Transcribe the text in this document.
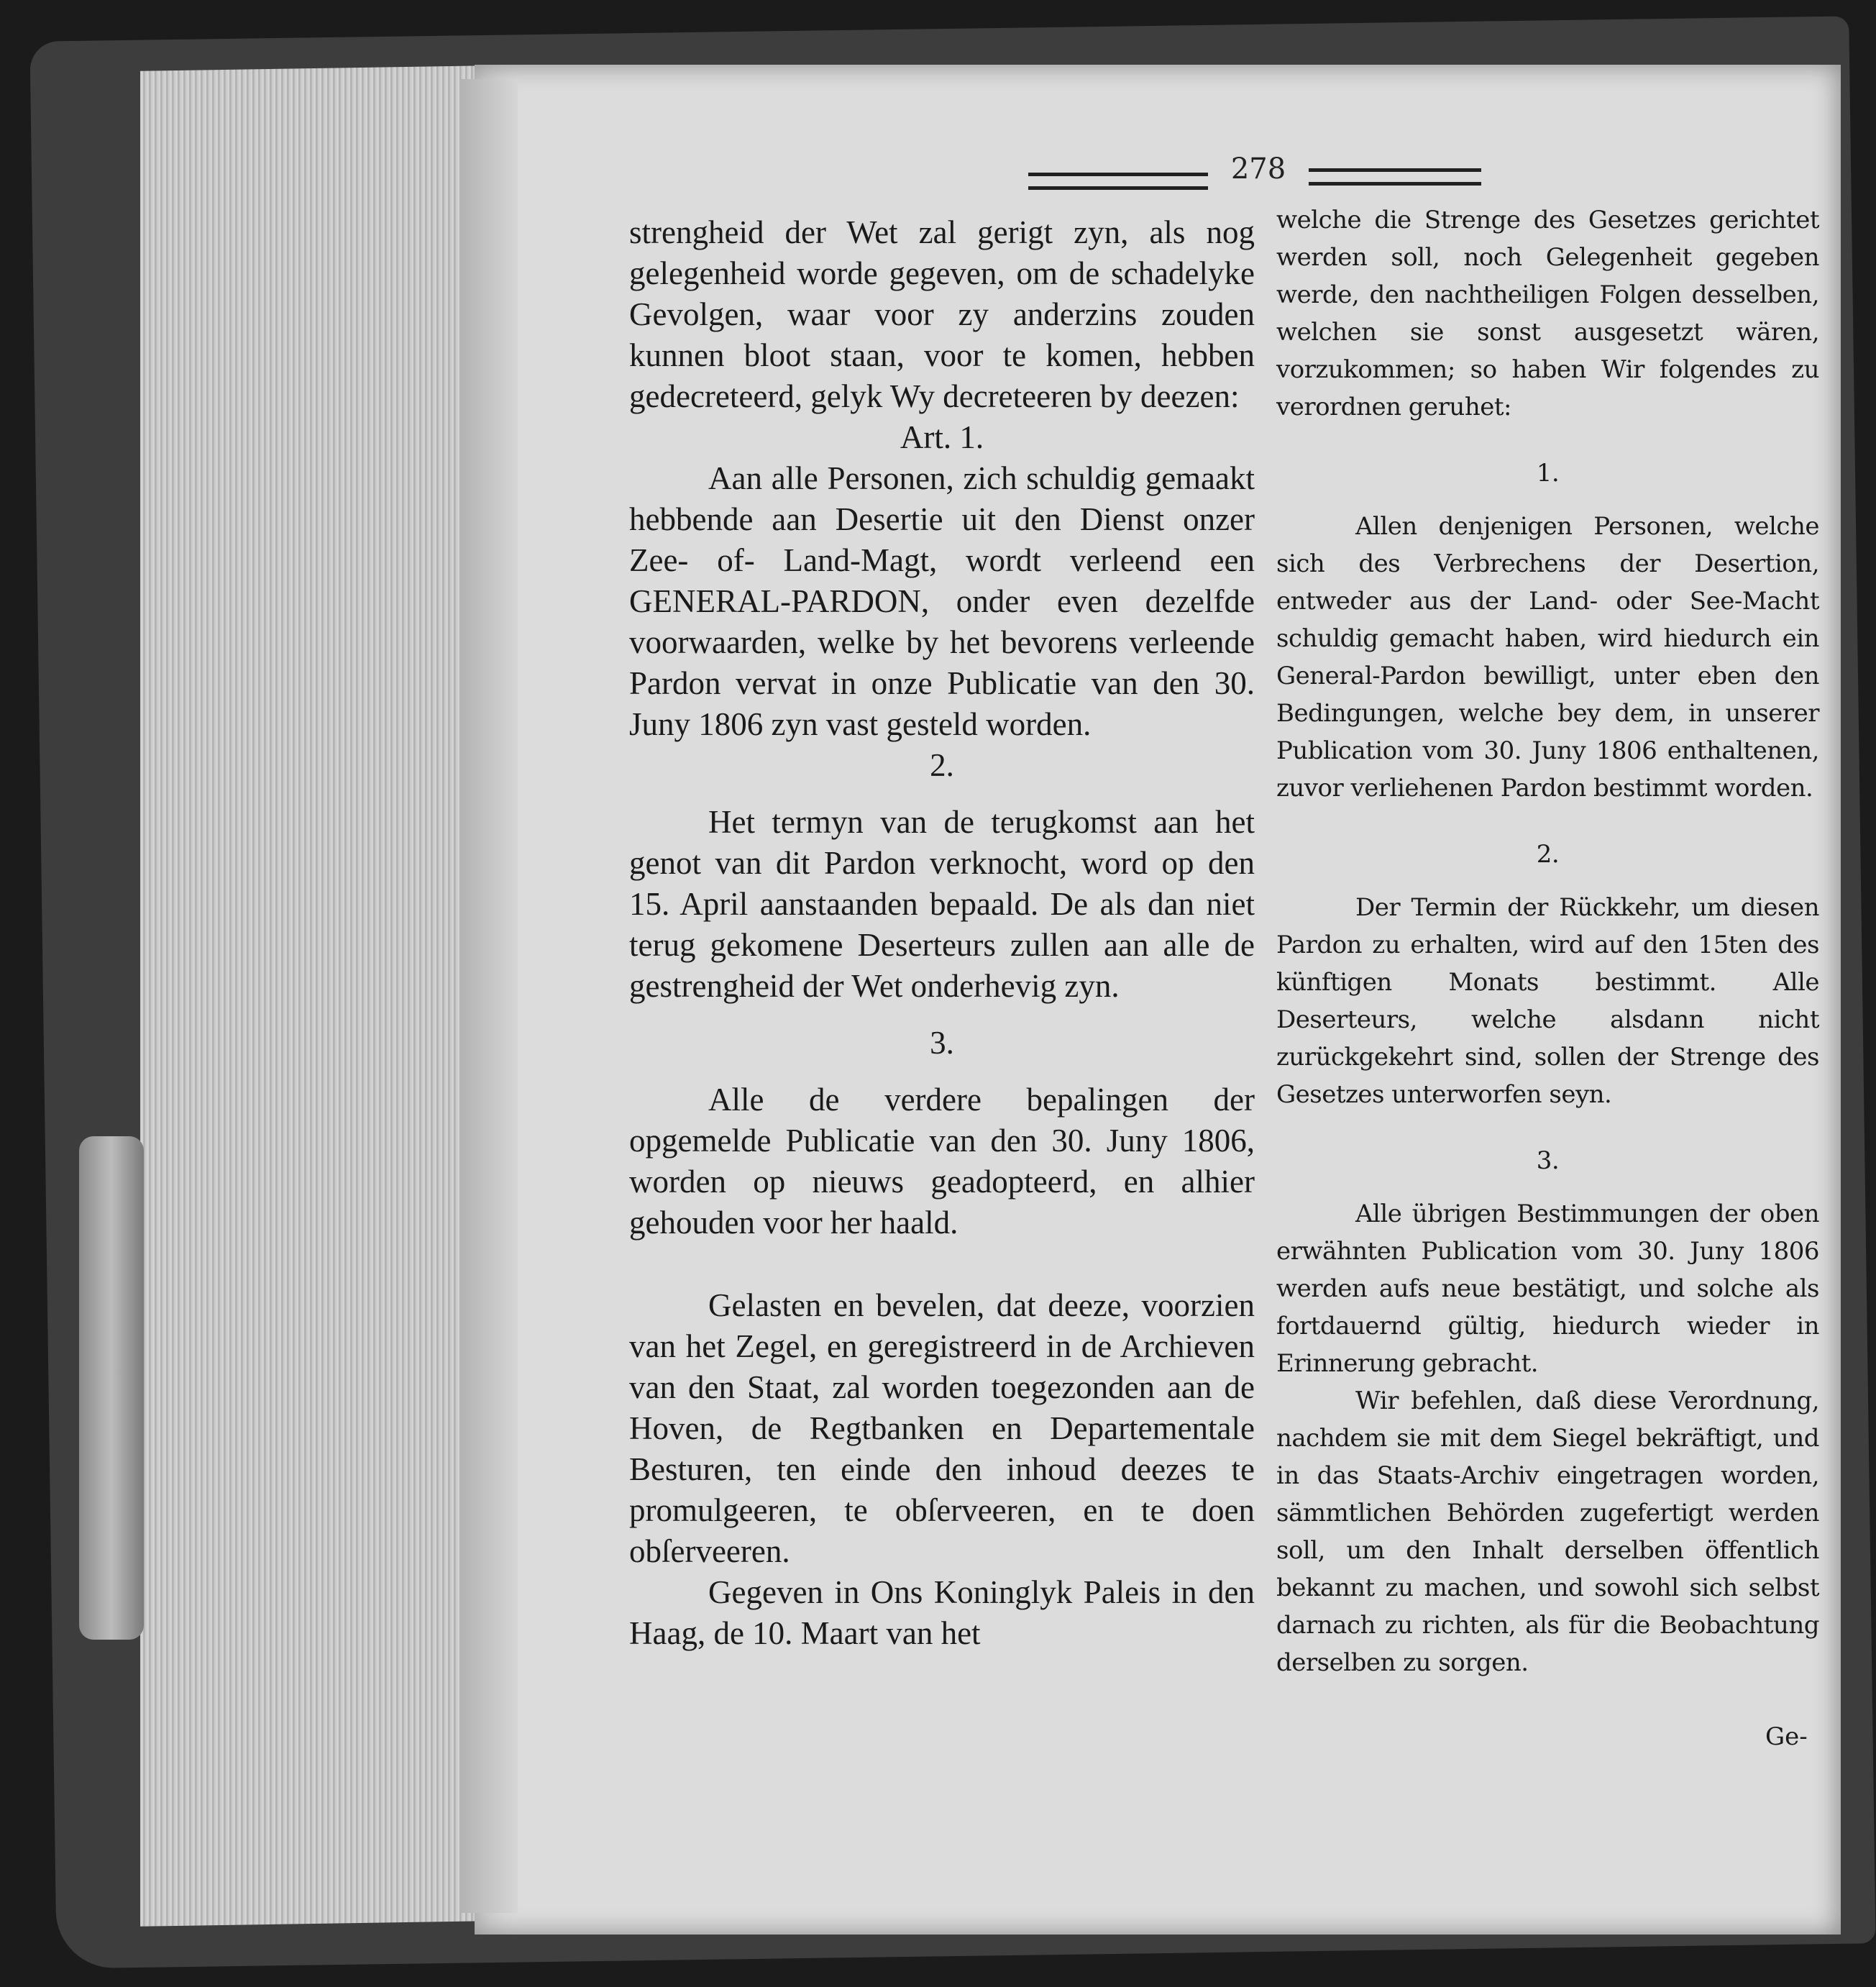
278

strengheid der Wet zal gerigt zyn, als nog gelegenheid worde gegeven, om de schadelyke Gevolgen, waar voor zy anderzins zouden kunnen bloot staan, voor te komen, hebben gedecreteerd, gelyk Wy decreteeren by deezen:

Art. 1.

Aan alle Personen, zich schuldig gemaakt hebbende aan Desertie uit den Dienst onzer Zee- of- Land-Magt, wordt verleend een GENERAL-PARDON, onder even dezelfde voorwaarden, welke by het bevorens verleende Pardon vervat in onze Publicatie van den 30. Juny 1806 zyn vast gesteld worden.

2.

Het termyn van de terugkomst aan het genot van dit Pardon verknocht, word op den 15. April aanstaanden bepaald. De als dan niet terug gekomene Deserteurs zullen aan alle de gestrengheid der Wet onderhevig zyn.

3.

Alle de verdere bepalingen der opgemelde Publicatie van den 30. Juny 1806, worden op nieuws geadopteerd, en alhier gehouden voor her haald.

Gelasten en bevelen, dat deeze, voorzien van het Zegel, en geregistreerd in de Archieven van den Staat, zal worden toegezonden aan de Hoven, de Regtbanken en Departementale Besturen, ten einde den inhoud deezes te promulgeeren, te obſerveeren, en te doen obſerveeren.

Gegeven in Ons Koninglyk Paleis in den Haag, de 10. Maart van het

welche die Strenge des Gesetzes gerichtet werden soll, noch Gelegenheit gegeben werde, den nachtheiligen Folgen desselben, welchen sie sonst ausgesetzt wären, vorzukommen; so haben Wir folgendes zu verordnen geruhet:

1.

Allen denjenigen Personen, welche sich des Verbrechens der Desertion, entweder aus der Land- oder See-Macht schuldig gemacht haben, wird hiedurch ein General-Pardon bewilligt, unter eben den Bedingungen, welche bey dem, in unserer Publication vom 30. Juny 1806 enthaltenen, zuvor verliehenen Pardon bestimmt worden.

2.

Der Termin der Rückkehr, um diesen Pardon zu erhalten, wird auf den 15ten des künftigen Monats bestimmt. Alle Deserteurs, welche alsdann nicht zurückgekehrt sind, sollen der Strenge des Gesetzes unterworfen seyn.

3.

Alle übrigen Bestimmungen der oben erwähnten Publication vom 30. Juny 1806 werden aufs neue bestätigt, und solche als fortdauernd gültig, hiedurch wieder in Erinnerung gebracht.

Wir befehlen, daß diese Verordnung, nachdem sie mit dem Siegel bekräftigt, und in das Staats-Archiv eingetragen worden, sämmtlichen Behörden zugefertigt werden soll, um den Inhalt derselben öffentlich bekannt zu machen, und sowohl sich selbst darnach zu richten, als für die Beobachtung derselben zu sorgen.

Ge-
